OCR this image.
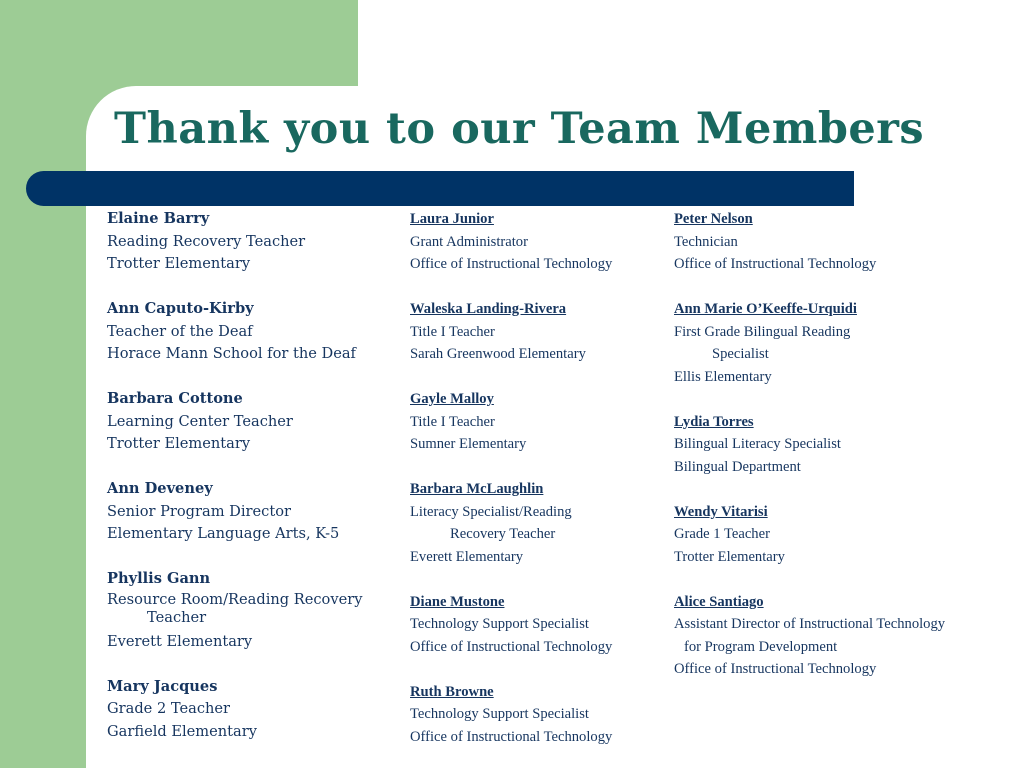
Thank you to our Team Members

Elaine Barry

Reading Recovery Teacher

Trotter Elementary

Ann Caputo-Kirby

Teacher of the Deaf

Horace Mann School for the Deaf

Barbara Cottone

Learning Center Teacher

Trotter Elementary

Ann Deveney

Senior Program Director

Elementary Language Arts, K-5

Phyllis Gann

Resource Room/Reading Recovery

Teacher

Everett Elementary

Mary Jacques

Grade 2 Teacher

Garfield Elementary

Laura Junior

Grant Administrator

Office of Instructional Technology

Waleska Landing-Rivera

Title I Teacher

Sarah Greenwood Elementary

Gayle Malloy

Title I Teacher

Sumner Elementary

Barbara McLaughlin

Literacy Specialist/Reading

Recovery Teacher

Everett Elementary

Diane Mustone

Technology Support Specialist

Office of Instructional Technology

Ruth Browne

Technology Support Specialist

Office of Instructional Technology

Peter Nelson

Technician

Office of Instructional Technology

Ann Marie O’Keeffe-Urquidi

First Grade Bilingual Reading

Specialist

Ellis Elementary

Lydia Torres

Bilingual Literacy Specialist

Bilingual Department

Wendy Vitarisi

Grade 1 Teacher

Trotter Elementary

Alice Santiago

Assistant Director of Instructional Technology

for Program Development

Office of Instructional Technology
